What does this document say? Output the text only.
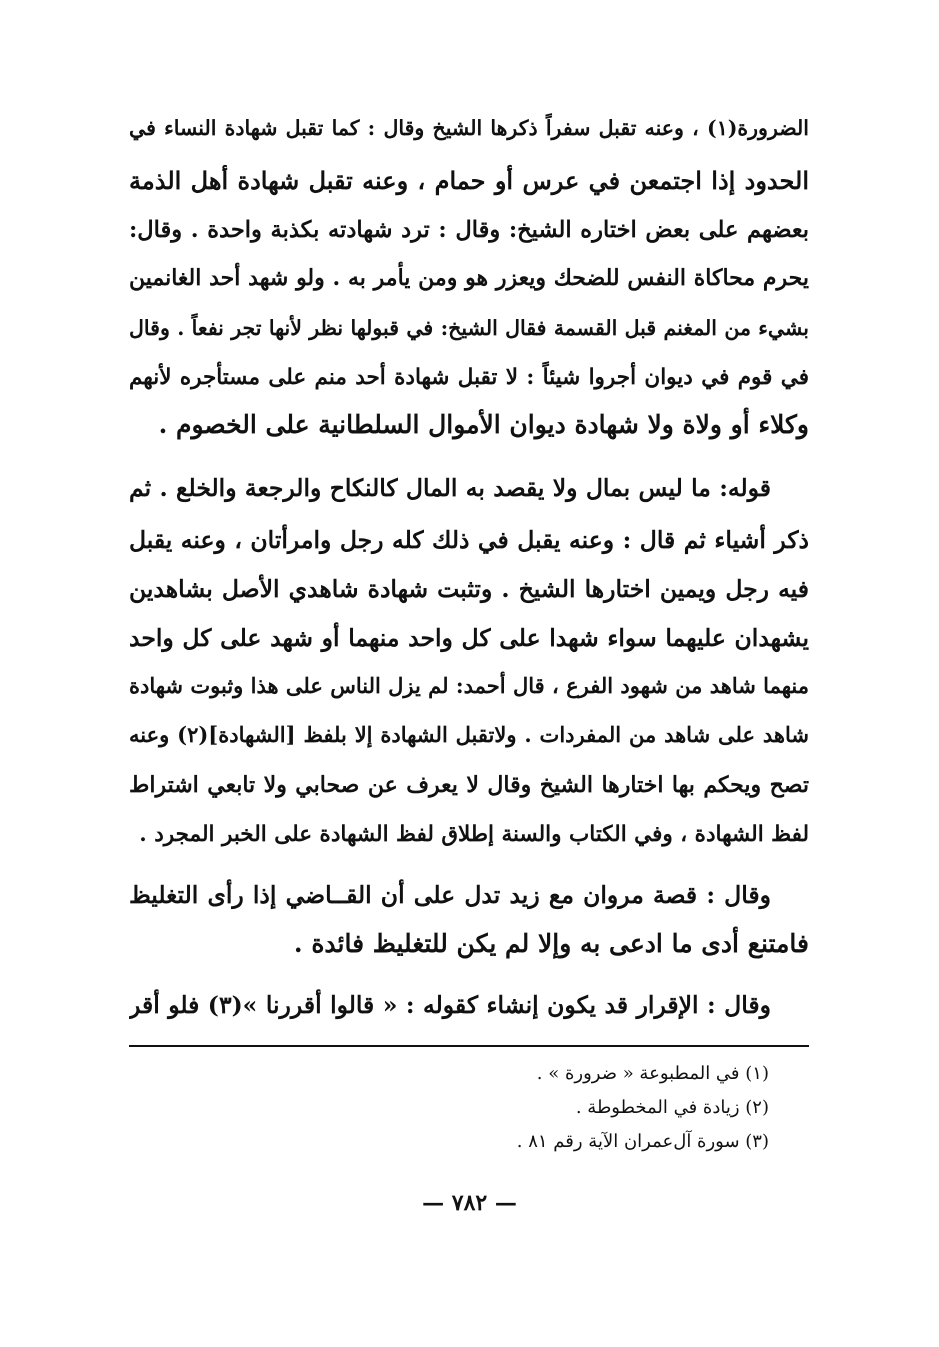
الضرورة(١) ، وعنه تقبل سفراً ذكرها الشيخ وقال : كما تقبل شهادة النساء في
الحدود إذا اجتمعن في عرس أو حمام ، وعنه تقبل شهادة أهل الذمة
بعضهم على بعض اختاره الشيخ: وقال : ترد شهادته بكذبة واحدة . وقال:
يحرم محاكاة النفس للضحك ويعزر هو ومن يأمر به . ولو شهد أحد الغانمين
بشيء من المغنم قبل القسمة فقال الشيخ: في قبولها نظر لأنها تجر نفعاً . وقال
في قوم في ديوان أجروا شيئاً : لا تقبل شهادة أحد منم على مستأجره لأنهم
وكلاء أو ولاة ولا شهادة ديوان الأموال السلطانية على الخصوم .
قوله: ما ليس بمال ولا يقصد به المال كالنكاح والرجعة والخلع . ثم
ذكر أشياء ثم قال : وعنه يقبل في ذلك كله رجل وامرأتان ، وعنه يقبل
فيه رجل ويمين اختارها الشيخ . وتثبت شهادة شاهدي الأصل بشاهدين
يشهدان عليهما سواء شهدا على كل واحد منهما أو شهد على كل واحد
منهما شاهد من شهود الفرع ، قال أحمد: لم يزل الناس على هذا وثبوت شهادة
شاهد على شاهد من المفردات . ولاتقبل الشهادة إلا بلفظ [الشهادة](٢) وعنه
تصح ويحكم بها اختارها الشيخ وقال لا يعرف عن صحابي ولا تابعي اشتراط
لفظ الشهادة ، وفي الكتاب والسنة إطلاق لفظ الشهادة على الخبر المجرد .
وقال : قصة مروان مع زيد تدل على أن القــاضي إذا رأى التغليظ
فامتنع أدى ما ادعى به وإلا لم يكن للتغليظ فائدة .
وقال : الإقرار قد يكون إنشاء كقوله : « قالوا أقررنا »(٣) فلو أقر
(١) في المطبوعة « ضرورة » .
(٢) زيادة في المخطوطة .
(٣) سورة آل‌عمران الآية رقم ٨١ .
— ٧٨٢ —
